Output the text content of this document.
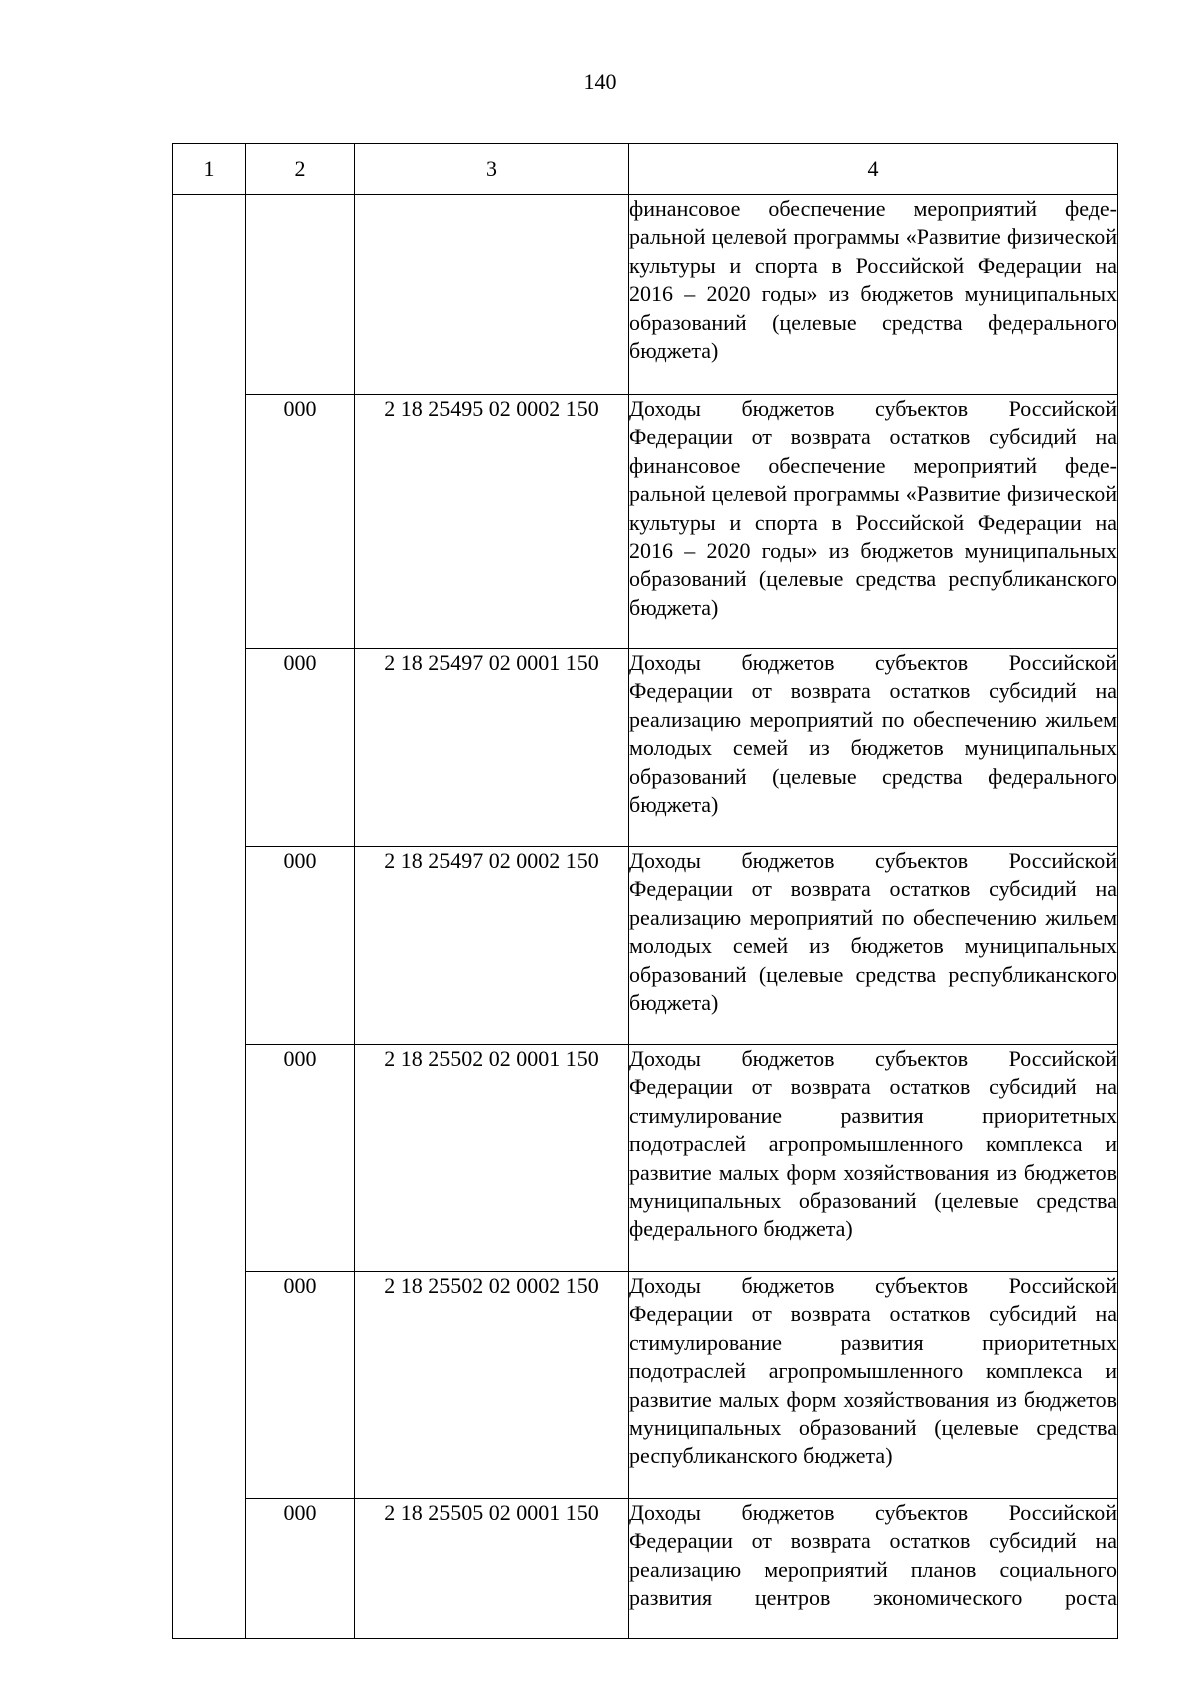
140
1	2	3	4
			финансовое обеспечение мероприятий федеральной целевой программы «Развитие физической культуры и спорта в Российской Федерации на 2016 – 2020 годы» из бюджетов муниципальных образований (целевые средства федерального бюджета)
	000	2 18 25495 02 0002 150	Доходы бюджетов субъектов Российской Федерации от возврата остатков субсидий на финансовое обеспечение мероприятий федеральной целевой программы «Развитие физической культуры и спорта в Российской Федерации на 2016 – 2020 годы» из бюджетов муниципальных образований (целевые средства республиканского бюджета)
	000	2 18 25497 02 0001 150	Доходы бюджетов субъектов Российской Федерации от возврата остатков субсидий на реализацию мероприятий по обеспечению жильем молодых семей из бюджетов муниципальных образований (целевые средства федерального бюджета)
	000	2 18 25497 02 0002 150	Доходы бюджетов субъектов Российской Федерации от возврата остатков субсидий на реализацию мероприятий по обеспечению жильем молодых семей из бюджетов муниципальных образований (целевые средства республиканского бюджета)
	000	2 18 25502 02 0001 150	Доходы бюджетов субъектов Российской Федерации от возврата остатков субсидий на стимулирование развития приоритетных подотраслей агропромышленного комплекса и развитие малых форм хозяйствования из бюджетов муниципальных образований (целевые средства федерального бюджета)
	000	2 18 25502 02 0002 150	Доходы бюджетов субъектов Российской Федерации от возврата остатков субсидий на стимулирование развития приоритетных подотраслей агропромышленного комплекса и развитие малых форм хозяйствования из бюджетов муниципальных образований (целевые средства республиканского бюджета)
	000	2 18 25505 02 0001 150	Доходы бюджетов субъектов Российской Федерации от возврата остатков субсидий на реализацию мероприятий планов социального развития центров экономического роста
